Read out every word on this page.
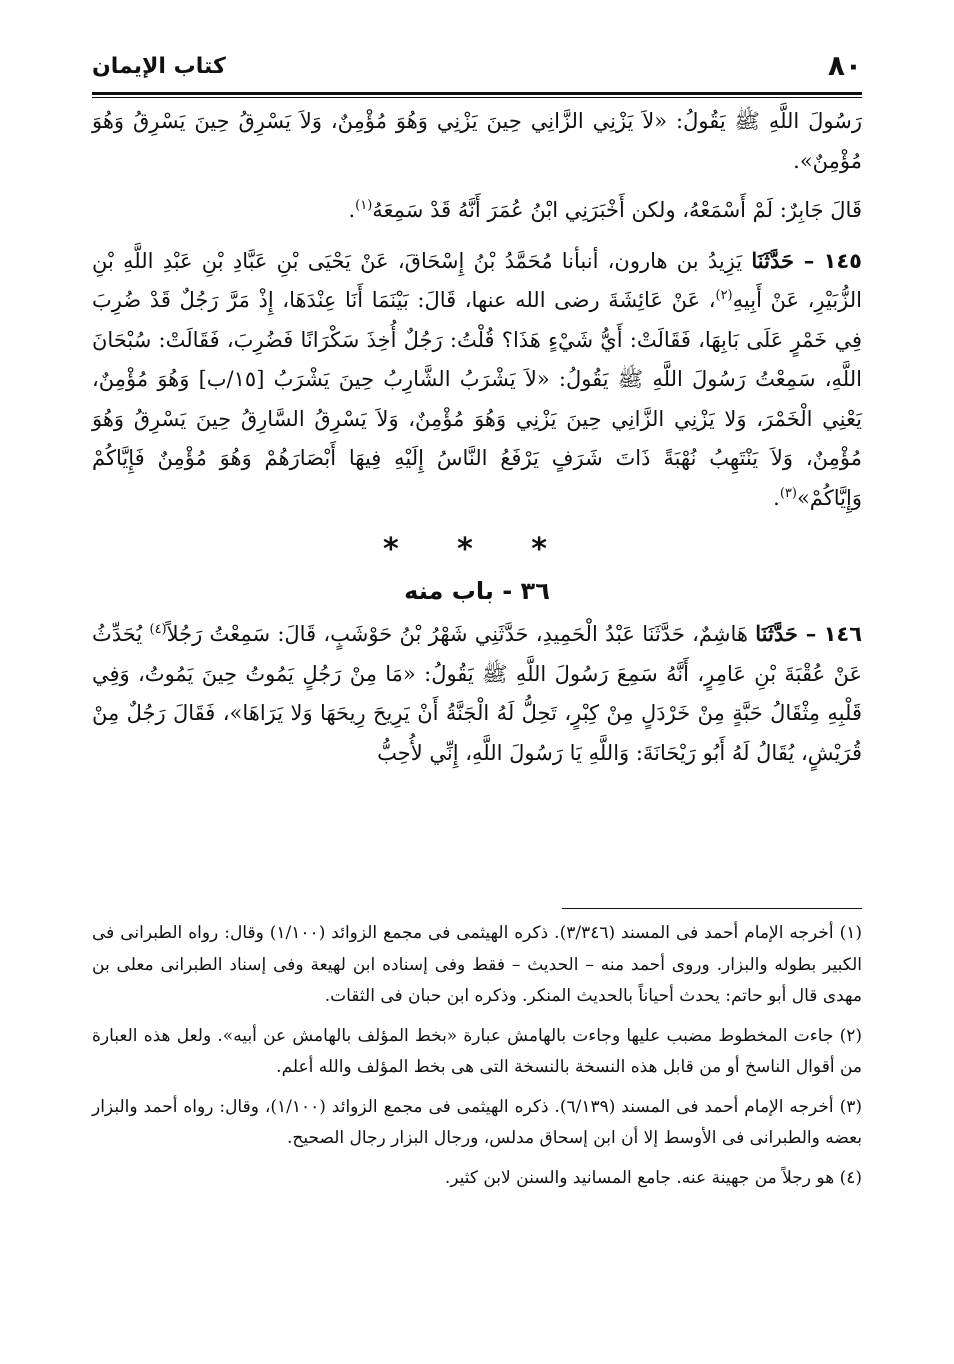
٨٠
كتاب الإيمان

رَسُولَ اللَّهِ ﷺ يَقُولُ: «لاَ يَزْنِي الزَّانِي حِينَ يَزْنِي وَهُوَ مُؤْمِنٌ، وَلاَ يَسْرِقُ حِينَ يَسْرِقُ وَهُوَ مُؤْمِنٌ».

قَالَ جَابِرٌ: لَمْ أَسْمَعْهُ، ولكن أَخْبَرَنِي ابْنُ عُمَرَ أَنَّهُ قَدْ سَمِعَهُ$^{(١)}$.

١٤٥ – حَدَّثَنَا يَزِيدُ بن هارون، أنبأنا مُحَمَّدُ بْنُ إِسْحَاقَ، عَنْ يَحْيَى بْنِ عَبَّادِ بْنِ عَبْدِ اللَّهِ بْنِ الزُّبَيْرِ، عَنْ أَبِيهِ$^{(٢)}$، عَنْ عَائِشَةَ رضى الله عنها، قَالَ: بَيْنَمَا أَنَا عِنْدَهَا، إِذْ مَرَّ رَجُلٌ قَدْ ضُرِبَ فِي خَمْرٍ عَلَى بَابِهَا، فَقَالَتْ: أَيُّ شَيْءٍ هَذَا؟ قُلْتُ: رَجُلٌ أُخِذَ سَكْرَانًا فَضُرِبَ، فَقَالَتْ: سُبْحَانَ اللَّهِ، سَمِعْتُ رَسُولَ اللَّهِ ﷺ يَقُولُ: «لاَ يَشْرَبُ الشَّارِبُ حِينَ يَشْرَبُ [١٥/ب] وَهُوَ مُؤْمِنٌ، يَعْنِي الْخَمْرَ، وَلا يَزْنِي الزَّانِي حِينَ يَزْنِي وَهُوَ مُؤْمِنٌ، وَلاَ يَسْرِقُ السَّارِقُ حِينَ يَسْرِقُ وَهُوَ مُؤْمِنٌ، وَلاَ يَنْتَهِبُ نُهْبَةً ذَاتَ شَرَفٍ يَرْفَعُ النَّاسُ إِلَيْهِ فِيهَا أَبْصَارَهُمْ وَهُوَ مُؤْمِنٌ فَإِيَّاكُمْ وَإِيَّاكُمْ»$^{(٣)}$.

* * *
٣٦ - باب منه

١٤٦ – حَدَّثَنَا هَاشِمٌ، حَدَّثَنَا عَبْدُ الْحَمِيدِ، حَدَّثَنِي شَهْرُ بْنُ حَوْشَبٍ، قَالَ: سَمِعْتُ رَجُلاً$^{(٤)}$ يُحَدِّثُ عَنْ عُقْبَةَ بْنِ عَامِرٍ، أَنَّهُ سَمِعَ رَسُولَ اللَّهِ ﷺ يَقُولُ: «مَا مِنْ رَجُلٍ يَمُوتُ حِينَ يَمُوتُ، وَفِي قَلْبِهِ مِثْقَالُ حَبَّةٍ مِنْ خَرْدَلٍ مِنْ كِبْرٍ، تَحِلُّ لَهُ الْجَنَّةُ أَنْ يَرِيحَ رِيحَهَا وَلا يَرَاهَا»، فَقَالَ رَجُلٌ مِنْ قُرَيْشٍ، يُقَالُ لَهُ أَبُو رَيْحَانَةَ: وَاللَّهِ يَا رَسُولَ اللَّهِ، إِنِّي لأُحِبُّ

(١) أخرجه الإمام أحمد فى المسند (٣/٣٤٦). ذكره الهيثمى فى مجمع الزوائد (١/١٠٠) وقال: رواه الطبرانى فى الكبير بطوله والبزار. وروى أحمد منه – الحديث – فقط وفى إسناده ابن لهيعة وفى إسناد الطبرانى معلى بن مهدى قال أبو حاتم: يحدث أحياناً بالحديث المنكر. وذكره ابن حبان فى الثقات.

(٢) جاءت المخطوط مضبب عليها وجاءت بالهامش عبارة «بخط المؤلف بالهامش عن أبيه». ولعل هذه العبارة من أقوال الناسخ أو من قابل هذه النسخة بالنسخة التى هى بخط المؤلف والله أعلم.

(٣) أخرجه الإمام أحمد فى المسند (٦/١٣٩). ذكره الهيثمى فى مجمع الزوائد (١/١٠٠)، وقال: رواه أحمد والبزار بعضه والطبرانى فى الأوسط إلا أن ابن إسحاق مدلس، ورجال البزار رجال الصحيح.

(٤) هو رجلاً من جهينة عنه. جامع المسانيد والسنن لابن كثير.
